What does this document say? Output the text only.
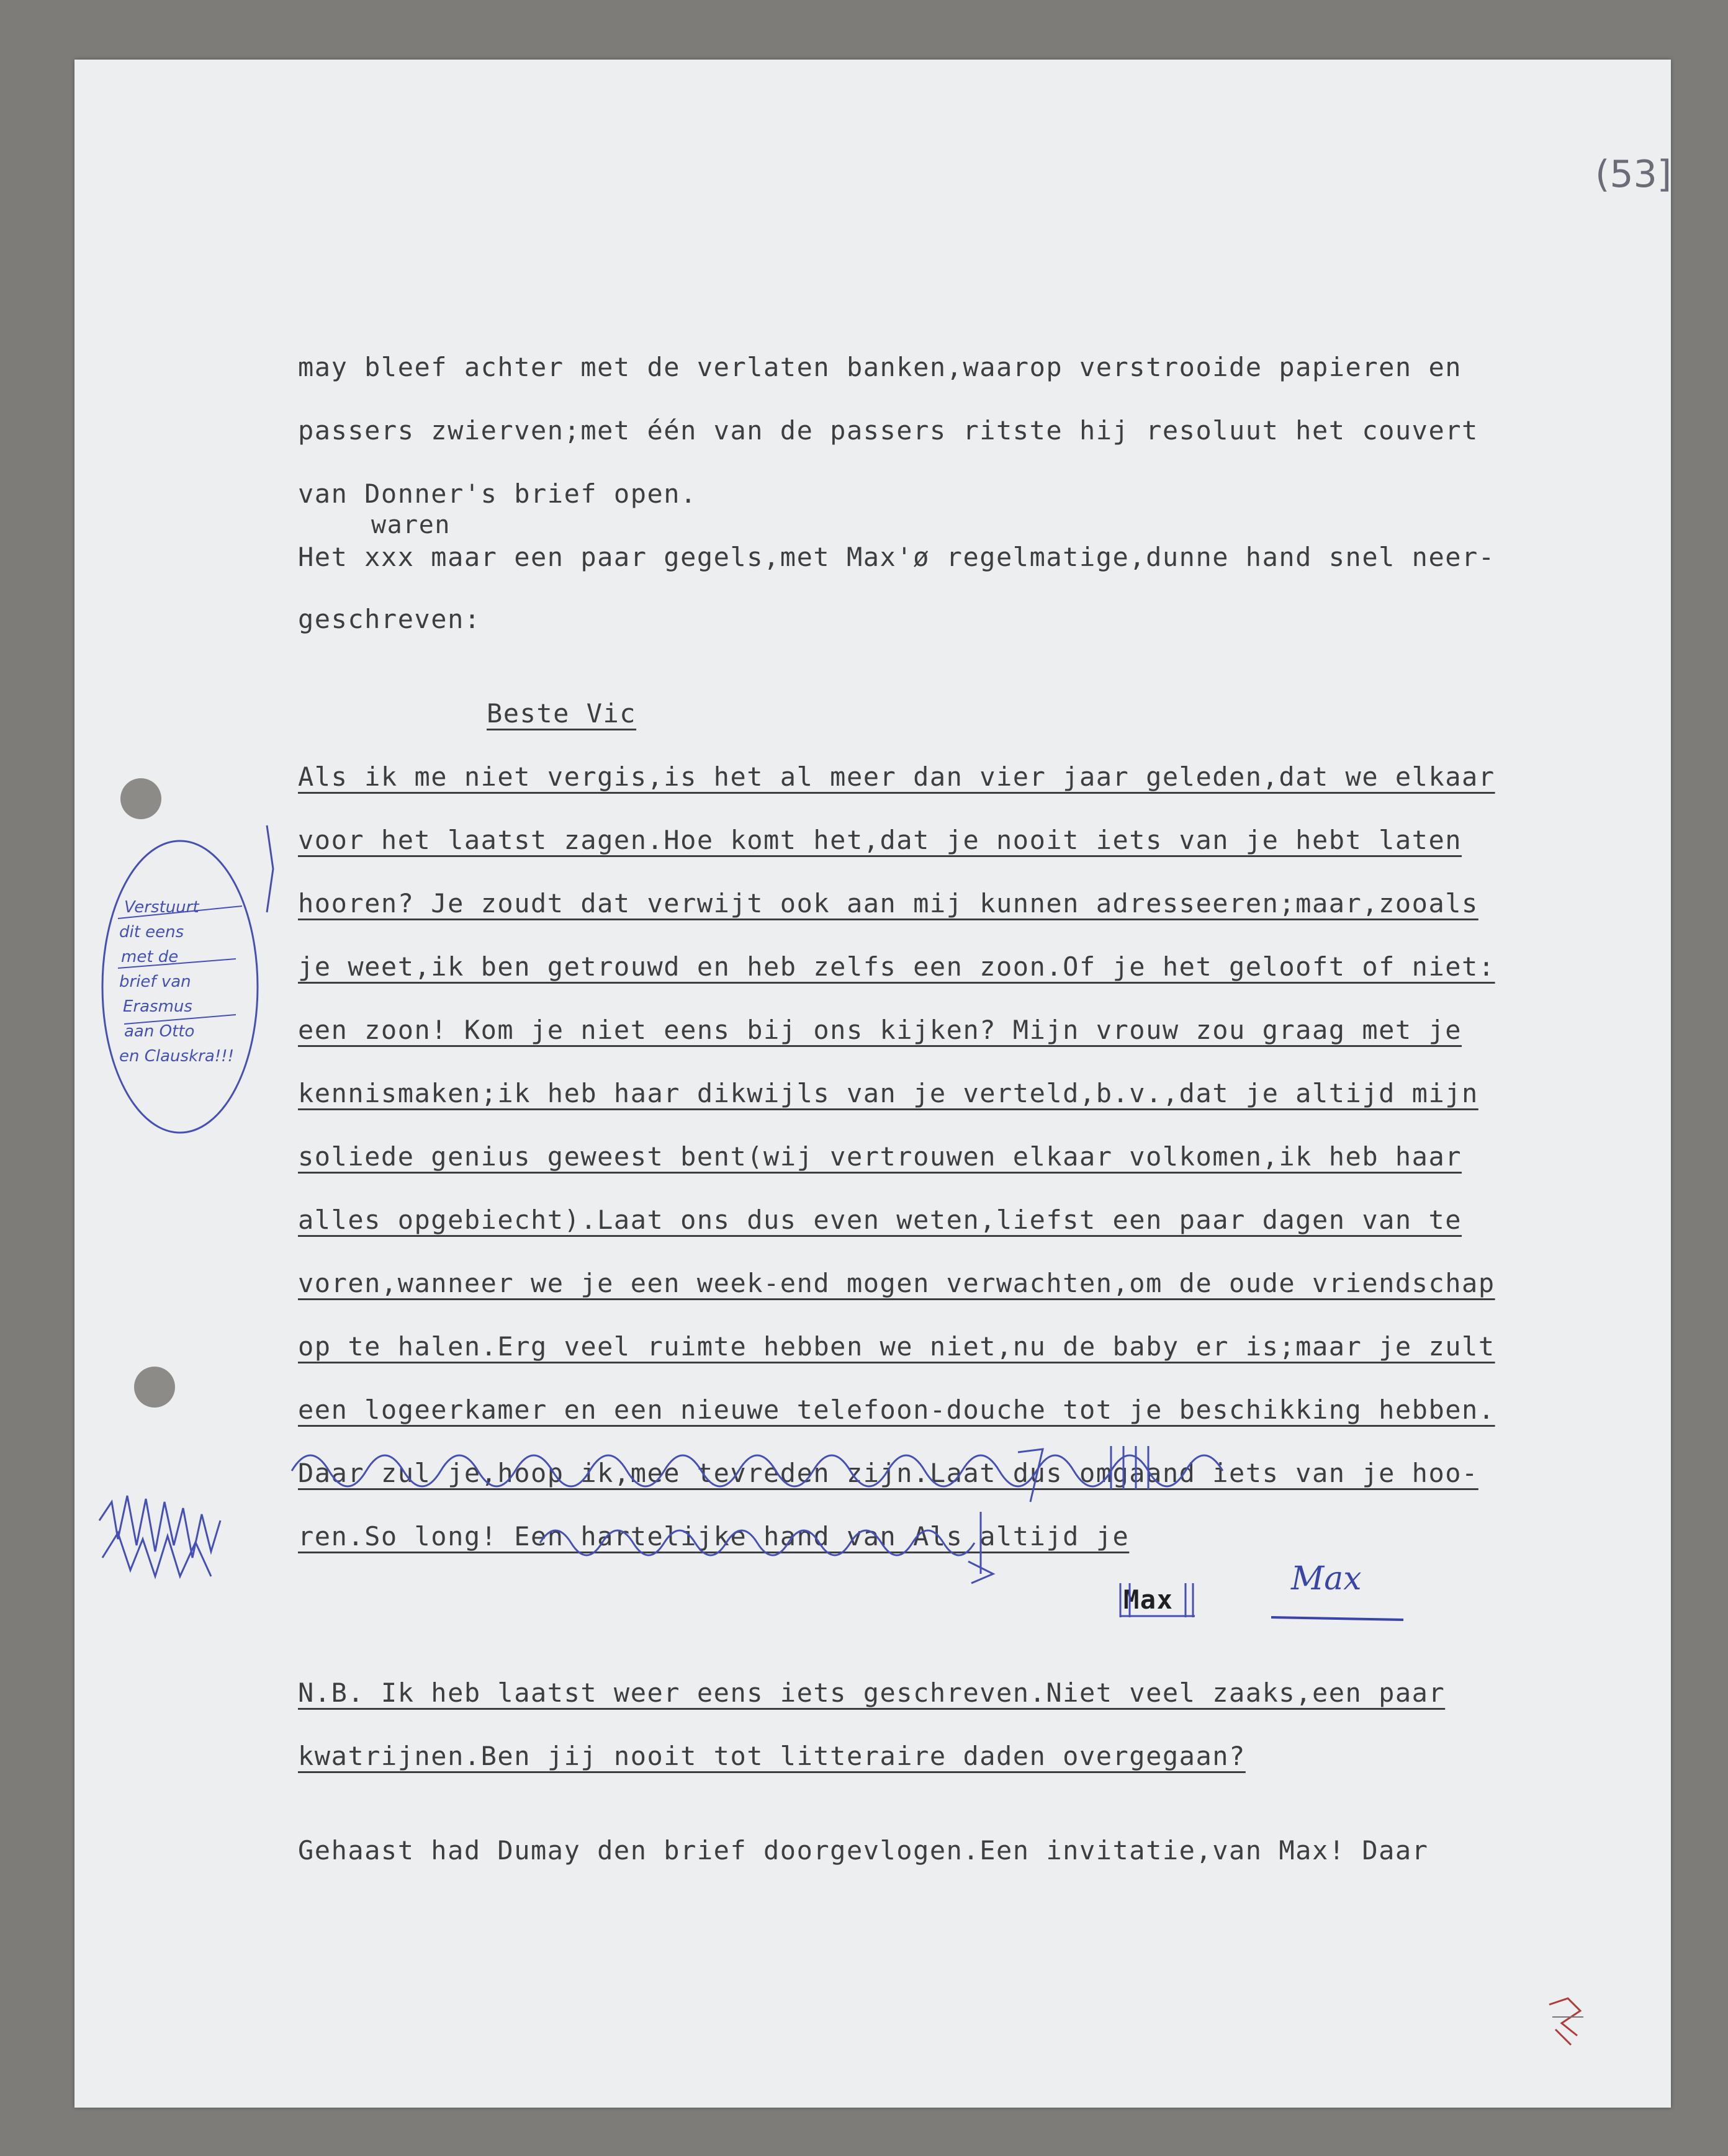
(53]
may bleef achter met de verlaten banken,waarop verstrooide papieren en
passers zwierven;met één van de passers ritste hij resoluut het couvert
van Donner's brief open.
waren
Het xxx maar een paar gegels,met Max'ø regelmatige,dunne hand snel neer-
geschreven:
Beste Vic
Als ik me niet vergis,is het al meer dan vier jaar geleden,dat we elkaar
voor het laatst zagen.Hoe komt het,dat je nooit iets van je hebt laten
hooren? Je zoudt dat verwijt ook aan mij kunnen adresseeren;maar,zooals
je weet,ik ben getrouwd en heb zelfs een zoon.Of je het gelooft of niet:
een zoon! Kom je niet eens bij ons kijken? Mijn vrouw zou graag met je
kennismaken;ik heb haar dikwijls van je verteld,b.v.,dat je altijd mijn
soliede genius geweest bent(wij vertrouwen elkaar volkomen,ik heb haar
alles opgebiecht).Laat ons dus even weten,liefst een paar dagen van te
voren,wanneer we je een week-end mogen verwachten,om de oude vriendschap
op te halen.Erg veel ruimte hebben we niet,nu de baby er is;maar je zult
een logeerkamer en een nieuwe telefoon-douche tot je beschikking hebben.
Daar zul je,hoop ik,mee tevreden zijn.Laat dus omgaand iets van je hoo-
ren.So long! Een hartelijke hand van Als altijd je
Max
N.B. Ik heb laatst weer eens iets geschreven.Niet veel zaaks,een paar
kwatrijnen.Ben jij nooit tot litteraire daden overgegaan?
Gehaast had Dumay den brief doorgevlogen.Een invitatie,van Max! Daar
Max
Verstuurt
dit eens
met de
brief van
Erasmus
aan Otto
en Clauskra!!!
